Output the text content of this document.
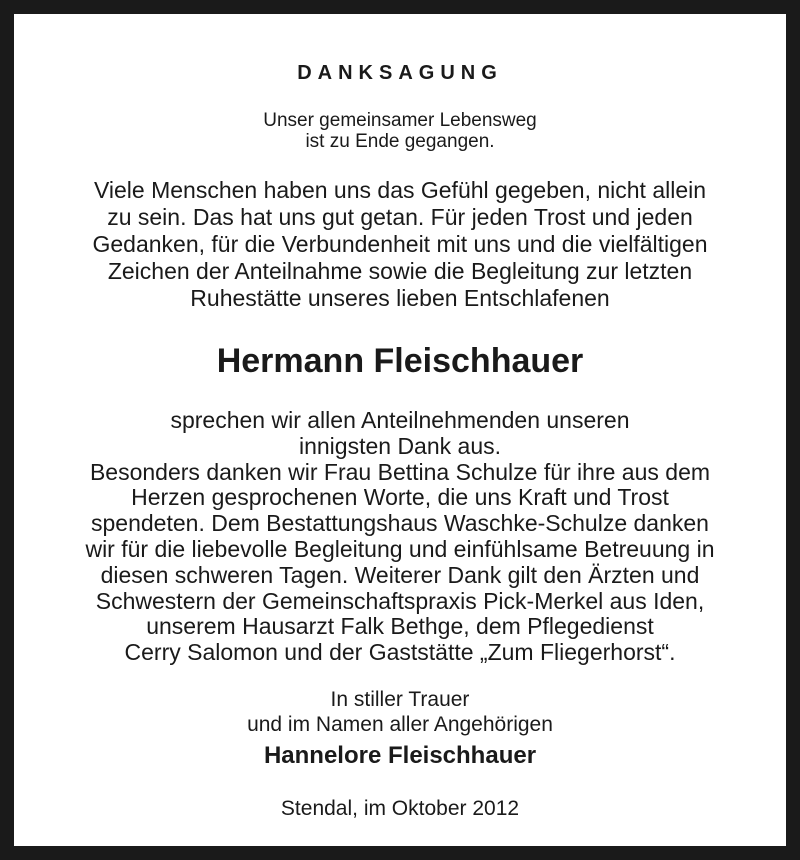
DANKSAGUNG
Unser gemeinsamer Lebensweg
ist zu Ende gegangen.
Viele Menschen haben uns das Gefühl gegeben, nicht allein
zu sein. Das hat uns gut getan. Für jeden Trost und jeden
Gedanken, für die Verbundenheit mit uns und die vielfältigen
Zeichen der Anteilnahme sowie die Begleitung zur letzten
Ruhestätte unseres lieben Entschlafenen
Hermann Fleischhauer
sprechen wir allen Anteilnehmenden unseren
innigsten Dank aus.
Besonders danken wir Frau Bettina Schulze für ihre aus dem
Herzen gesprochenen Worte, die uns Kraft und Trost
spendeten. Dem Bestattungshaus Waschke-Schulze danken
wir für die liebevolle Begleitung und einfühlsame Betreuung in
diesen schweren Tagen. Weiterer Dank gilt den Ärzten und
Schwestern der Gemeinschaftspraxis Pick-Merkel aus Iden,
unserem Hausarzt Falk Bethge, dem Pflegedienst
Cerry Salomon und der Gaststätte „Zum Fliegerhorst“.
In stiller Trauer
und im Namen aller Angehörigen
Hannelore Fleischhauer
Stendal, im Oktober 2012
